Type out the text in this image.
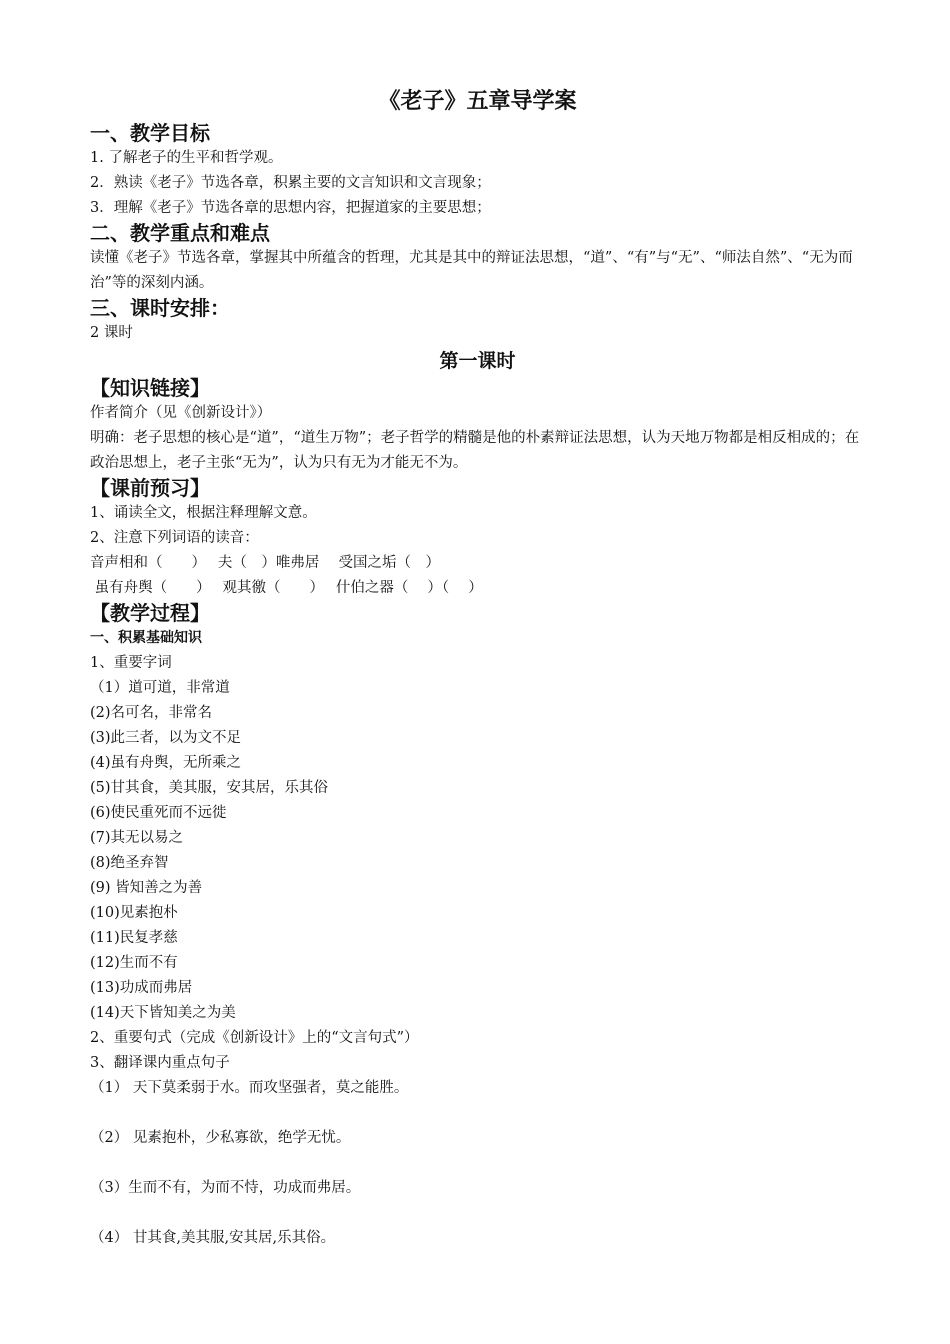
《老子》五章导学案
一、教学目标
1. 了解老子的生平和哲学观。
2．熟读《老子》节选各章，积累主要的文言知识和文言现象；
3．理解《老子》节选各章的思想内容，把握道家的主要思想；
二、教学重点和难点
读懂《老子》节选各章，掌握其中所蕴含的哲理，尤其是其中的辩证法思想，“道”、“有”与“无”、“师法自然”、“无为而治”等的深刻内涵。
三、课时安排：
2 课时
第一课时
【知识链接】
作者简介（见《创新设计》）
明确：老子思想的核心是“道”，“道生万物”；老子哲学的精髓是他的朴素辩证法思想，认为天地万物都是相反相成的；在政治思想上，老子主张“无为”，认为只有无为才能无不为。
【课前预习】
1、诵读全文，根据注释理解文意。
2、注意下列词语的读音：
音声相和（　　）　 夫（　）唯弗居　 受国之垢（　）
虽有舟舆（　　）　 观其徼（　　）　 什伯之器（　 ）（　 ）
【教学过程】
一、积累基础知识
1、重要字词
（1）道可道，非常道
(2)名可名，非常名
(3)此三者，以为文不足
(4)虽有舟舆，无所乘之
(5)甘其食，美其服，安其居，乐其俗
(6)使民重死而不远徙
(7)其无以易之
(8)绝圣弃智
(9) 皆知善之为善
(10)见素抱朴
(11)民复孝慈
(12)生而不有
(13)功成而弗居
(14)天下皆知美之为美
2、重要句式（完成《创新设计》上的“文言句式”）
3、翻译课内重点句子
（1） 天下莫柔弱于水。而攻坚强者，莫之能胜。
（2） 见素抱朴，少私寡欲，绝学无忧。
（3）生而不有，为而不恃，功成而弗居。
（4） 甘其食,美其服,安其居,乐其俗。
